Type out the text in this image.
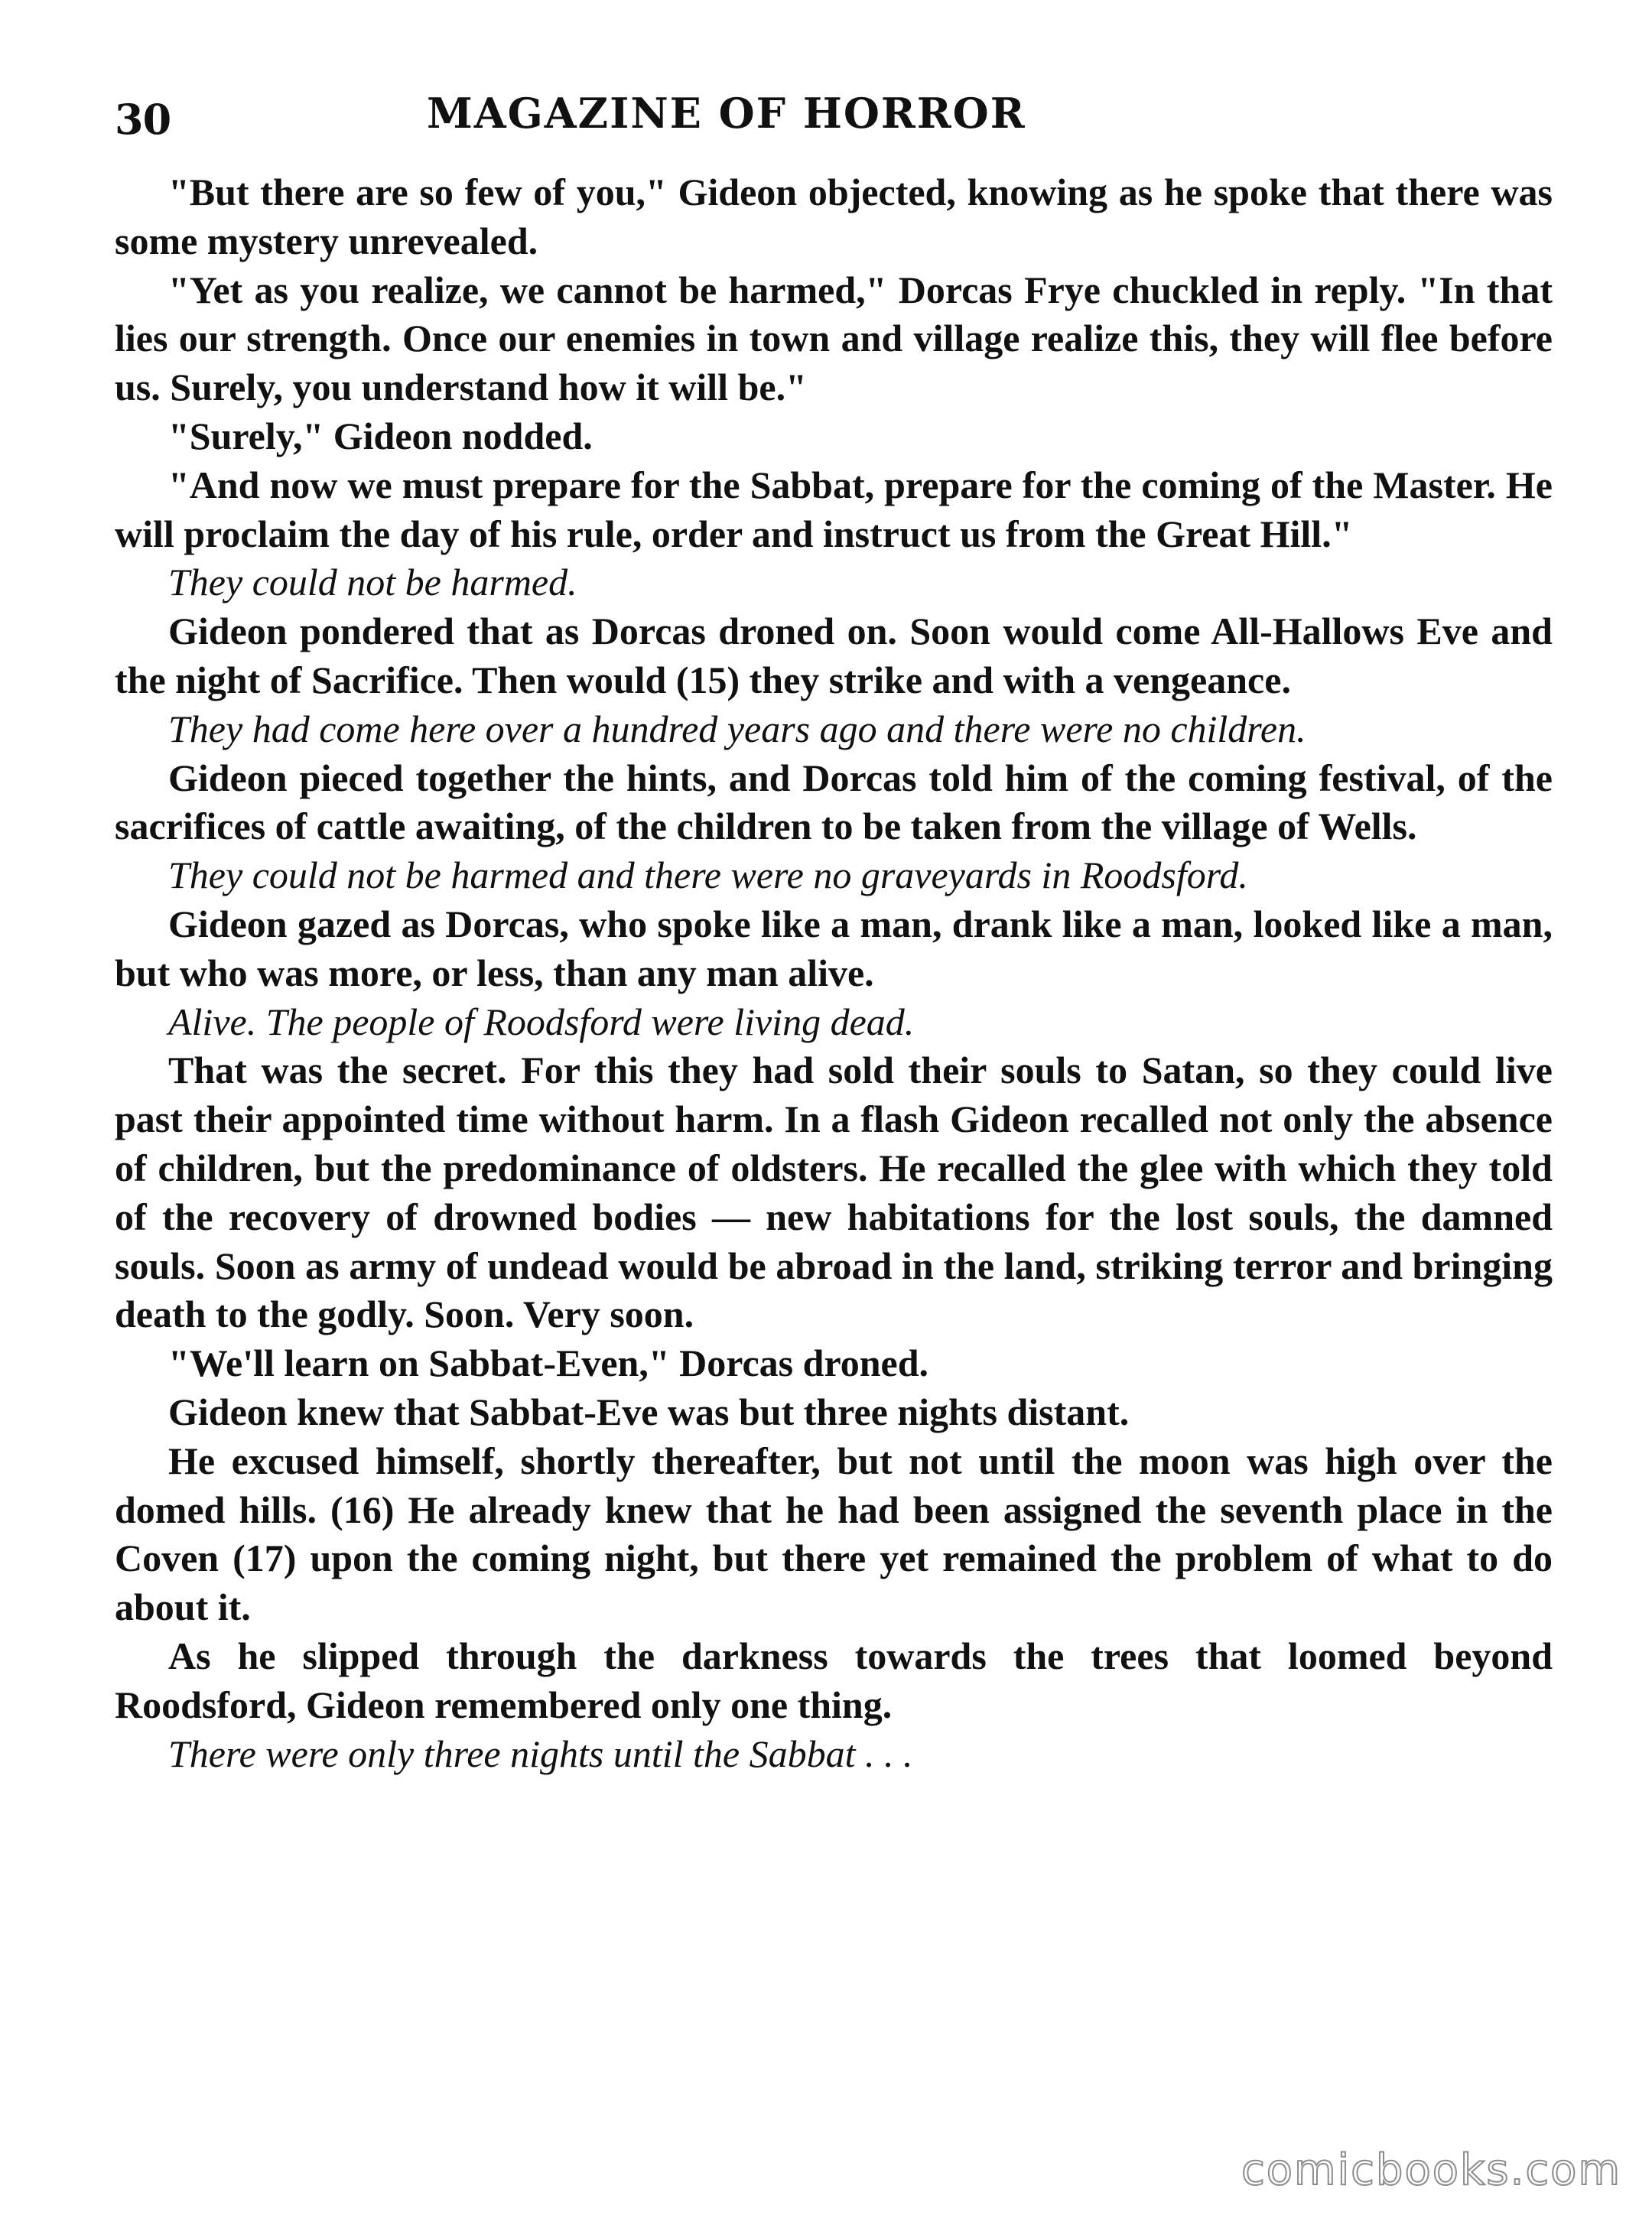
30	MAGAZINE OF HORROR

"But there are so few of you," Gideon objected, knowing as he spoke that there was some mystery unrevealed.

"Yet as you realize, we cannot be harmed," Dorcas Frye chuckled in reply. "In that lies our strength. Once our enemies in town and village realize this, they will flee before us. Surely, you understand how it will be."

"Surely," Gideon nodded.

"And now we must prepare for the Sabbat, prepare for the coming of the Master. He will proclaim the day of his rule, order and instruct us from the Great Hill."

They could not be harmed.

Gideon pondered that as Dorcas droned on. Soon would come All-Hallows Eve and the night of Sacrifice. Then would (15) they strike and with a vengeance.

They had come here over a hundred years ago and there were no children.

Gideon pieced together the hints, and Dorcas told him of the coming festival, of the sacrifices of cattle awaiting, of the children to be taken from the village of Wells.

They could not be harmed and there were no graveyards in Roodsford.

Gideon gazed as Dorcas, who spoke like a man, drank like a man, looked like a man, but who was more, or less, than any man alive.

Alive. The people of Roodsford were living dead.

That was the secret. For this they had sold their souls to Satan, so they could live past their appointed time without harm. In a flash Gideon recalled not only the absence of children, but the predominance of oldsters. He recalled the glee with which they told of the recovery of drowned bodies — new habitations for the lost souls, the damned souls. Soon as army of undead would be abroad in the land, striking terror and bringing death to the godly. Soon. Very soon.

"We'll learn on Sabbat-Even," Dorcas droned.

Gideon knew that Sabbat-Eve was but three nights distant.

He excused himself, shortly thereafter, but not until the moon was high over the domed hills. (16) He already knew that he had been assigned the seventh place in the Coven (17) upon the coming night, but there yet remained the problem of what to do about it.

As he slipped through the darkness towards the trees that loomed beyond Roodsford, Gideon remembered only one thing.

There were only three nights until the Sabbat . . .

comicbooks.com
